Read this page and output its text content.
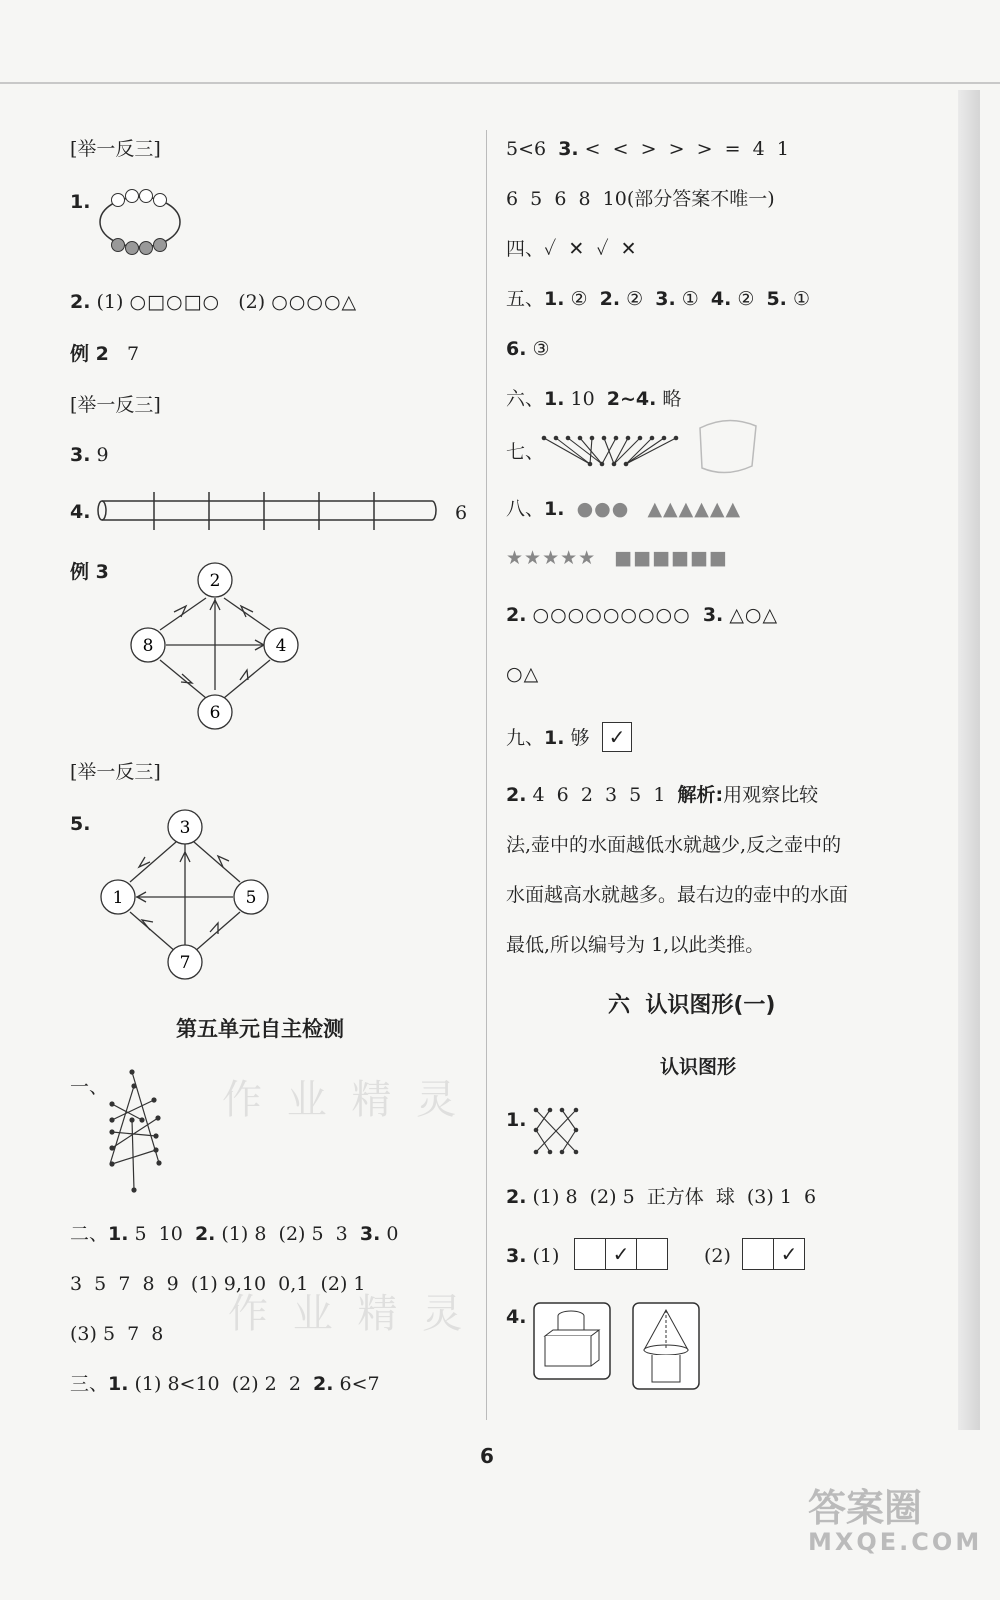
[举一反三]
1.
2. (1) ○□○□○ (2) ○○○○△
例 2 7
[举一反三]
3. 9
4.	6
例 3	2
8	4
6
[举一反三]
5.	3
1	5
7
第五单元自主检测
一、	作 业 精 灵
二、1. 5  10  2. (1) 8  (2) 5  3  3. 0
3  5  7  8  9  (1) 9,10  0,1  (2) 1
作 业 精 灵
(3) 5  7  8
三、1. (1) 8<10  (2) 2  2  2. 6<7
5<6  3. <  <  >  >  >  =  4  1
6  5  6  8  10(部分答案不唯一)
四、✓  ✕  ✓  ✕
五、1. ②  2. ②  3. ①  4. ②  5. ①
6. ③
六、1. 10  2~4. 略
七、
八、1. ●●● ▲▲▲▲▲▲
★★★★★ ■■■■■■
2. ○○○○○○○○○ 3. △○△
○△
九、1. 够 ✓
2. 4  6  2  3  5  1  解析:用观察比较
法,壶中的水面越低水就越少,反之壶中的
水面越高水就越多。最右边的壶中的水面
最低,所以编号为 1,以此类推。
六  认识图形(一)
认识图形
1.
2. (1) 8  (2) 5  正方体  球  (3) 1  6
3. (1)	✓	(2)	✓
4.
6
答案圈
MXQE.COM
